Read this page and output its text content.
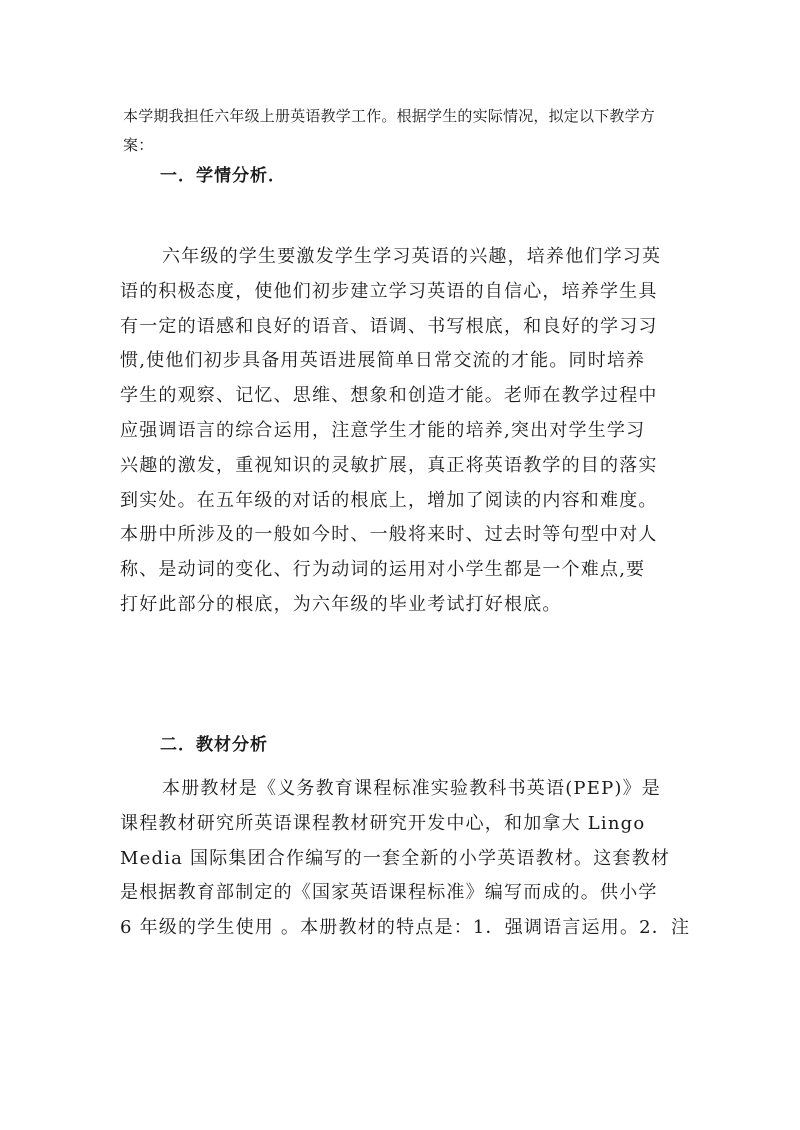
本学期我担任六年级上册英语教学工作。根据学生的实际情况，拟定以下教学方
案：
一．学情分析．
六年级的学生要激发学生学习英语的兴趣，培养他们学习英
语的积极态度，使他们初步建立学习英语的自信心，培养学生具
有一定的语感和良好的语音、语调、书写根底，和良好的学习习
惯,使他们初步具备用英语进展简单日常交流的才能。同时培养
学生的观察、记忆、思维、想象和创造才能。老师在教学过程中
应强调语言的综合运用，注意学生才能的培养,突出对学生学习
兴趣的激发，重视知识的灵敏扩展，真正将英语教学的目的落实
到实处。在五年级的对话的根底上，增加了阅读的内容和难度。
本册中所涉及的一般如今时、一般将来时、过去时等句型中对人
称、是动词的变化、行为动词的运用对小学生都是一个难点,要
打好此部分的根底，为六年级的毕业考试打好根底。
二．教材分析
本册教材是《义务教育课程标准实验教科书英语(PEP)》是
课程教材研究所英语课程教材研究开发中心，和加拿大 Lingo
Media 国际集团合作编写的一套全新的小学英语教材。这套教材
是根据教育部制定的《国家英语课程标准》编写而成的。供小学
6 年级的学生使用 。本册教材的特点是：1．强调语言运用。2．注
